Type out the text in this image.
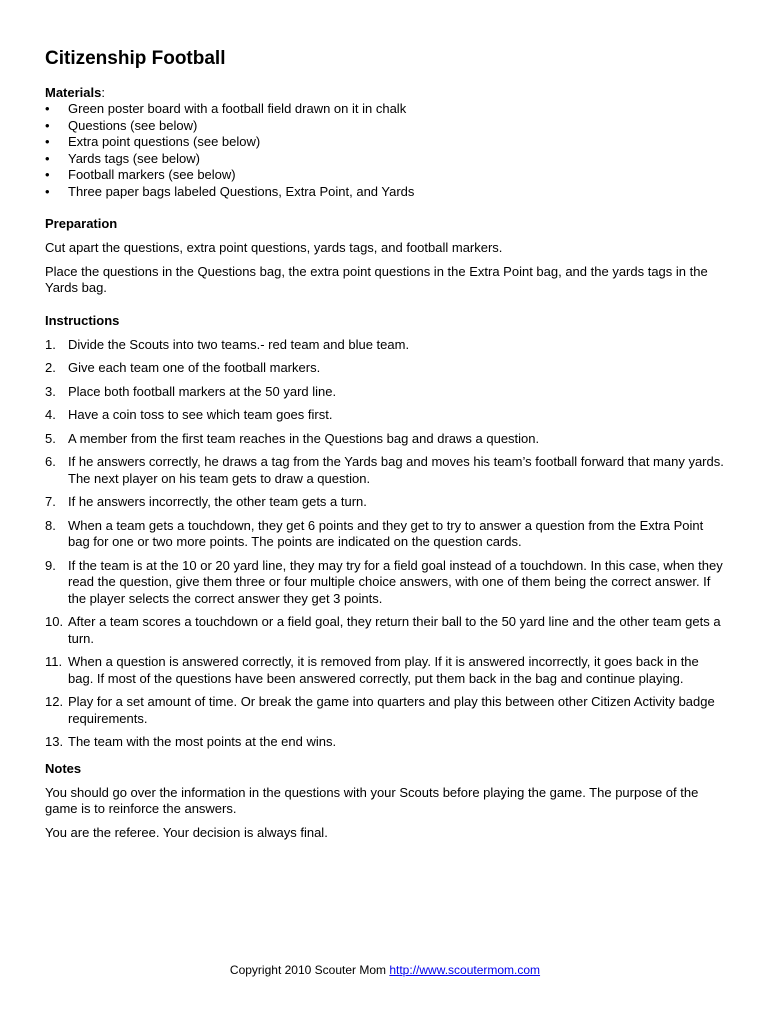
Citizenship Football
Materials:
• Green poster board with a football field drawn on it in chalk
• Questions (see below)
• Extra point questions (see below)
• Yards tags (see below)
• Football markers (see below)
• Three paper bags labeled Questions, Extra Point, and Yards
Preparation

Cut apart the questions, extra point questions, yards tags, and football markers.

Place the questions in the Questions bag, the extra point questions in the Extra Point bag, and the yards tags in the Yards bag.

Instructions
1. Divide the Scouts into two teams.- red team and blue team.
2. Give each team one of the football markers.
3. Place both football markers at the 50 yard line.
4. Have a coin toss to see which team goes first.
5. A member from the first team reaches in the Questions bag and draws a question.
6. If he answers correctly, he draws a tag from the Yards bag and moves his team’s football forward that many yards. The next player on his team gets to draw a question.
7. If he answers incorrectly, the other team gets a turn.
8. When a team gets a touchdown, they get 6 points and they get to try to answer a question from the Extra Point bag for one or two more points. The points are indicated on the question cards.
9. If the team is at the 10 or 20 yard line, they may try for a field goal instead of a touchdown. In this case, when they read the question, give them three or four multiple choice answers, with one of them being the correct answer. If the player selects the correct answer they get 3 points.
10. After a team scores a touchdown or a field goal, they return their ball to the 50 yard line and the other team gets a turn.
11. When a question is answered correctly, it is removed from play. If it is answered incorrectly, it goes back in the bag. If most of the questions have been answered correctly, put them back in the bag and continue playing.
12. Play for a set amount of time. Or break the game into quarters and play this between other Citizen Activity badge requirements.
13. The team with the most points at the end wins.
Notes

You should go over the information in the questions with your Scouts before playing the game. The purpose of the game is to reinforce the answers.

You are the referee. Your decision is always final.

Copyright 2010 Scouter Mom http://www.scoutermom.com
